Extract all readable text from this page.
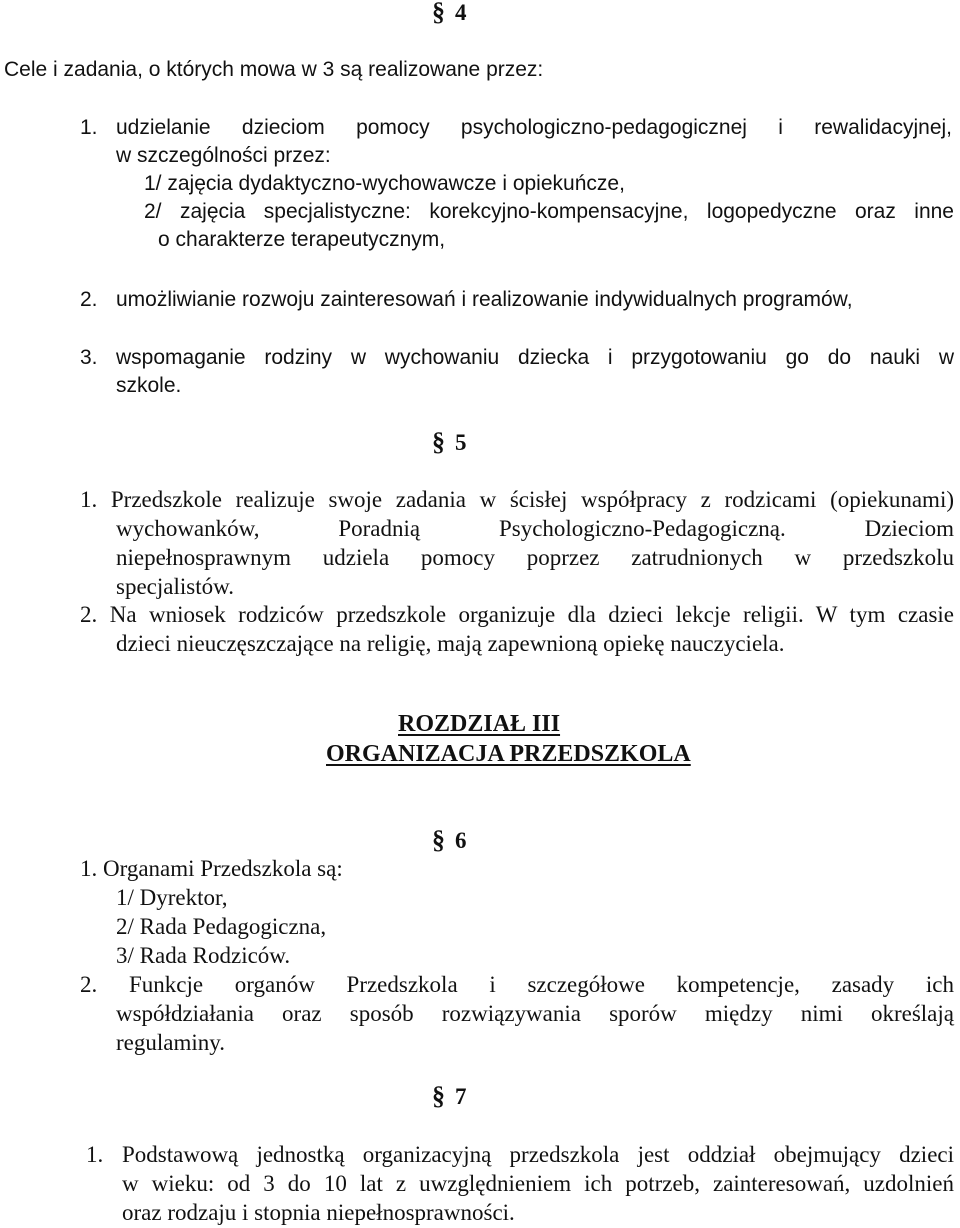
§ 4
Cele i zadania, o których mowa w 3 są realizowane przez:
1. udzielanie dzieciom pomocy psychologiczno-pedagogicznej i rewalidacyjnej,
w szczególności przez:
1/ zajęcia dydaktyczno-wychowawcze i opiekuńcze,
2/ zajęcia specjalistyczne: korekcyjno-kompensacyjne, logopedyczne oraz inne
o charakterze terapeutycznym,
2. umożliwianie rozwoju zainteresowań i realizowanie indywidualnych programów,
3. wspomaganie rodziny w wychowaniu dziecka i przygotowaniu go do nauki w
szkole.
§ 5
1. Przedszkole realizuje swoje zadania w ścisłej współpracy z rodzicami (opiekunami)
wychowanków, Poradnią Psychologiczno-Pedagogiczną. Dzieciom
niepełnosprawnym udziela pomocy poprzez zatrudnionych w przedszkolu
specjalistów.
2. Na wniosek rodziców przedszkole organizuje dla dzieci lekcje religii. W tym czasie
dzieci nieuczęszczające na religię, mają zapewnioną opiekę nauczyciela.
ROZDZIAŁ III
ORGANIZACJA PRZEDSZKOLA
§ 6
1. Organami Przedszkola są:
1/ Dyrektor,
2/ Rada Pedagogiczna,
3/ Rada Rodziców.
2. Funkcje organów Przedszkola i szczegółowe kompetencje, zasady ich
współdziałania oraz sposób rozwiązywania sporów między nimi określają
regulaminy.
§ 7
1. Podstawową jednostką organizacyjną przedszkola jest oddział obejmujący dzieci
w wieku: od 3 do 10 lat z uwzględnieniem ich potrzeb, zainteresowań, uzdolnień
oraz rodzaju i stopnia niepełnosprawności.
